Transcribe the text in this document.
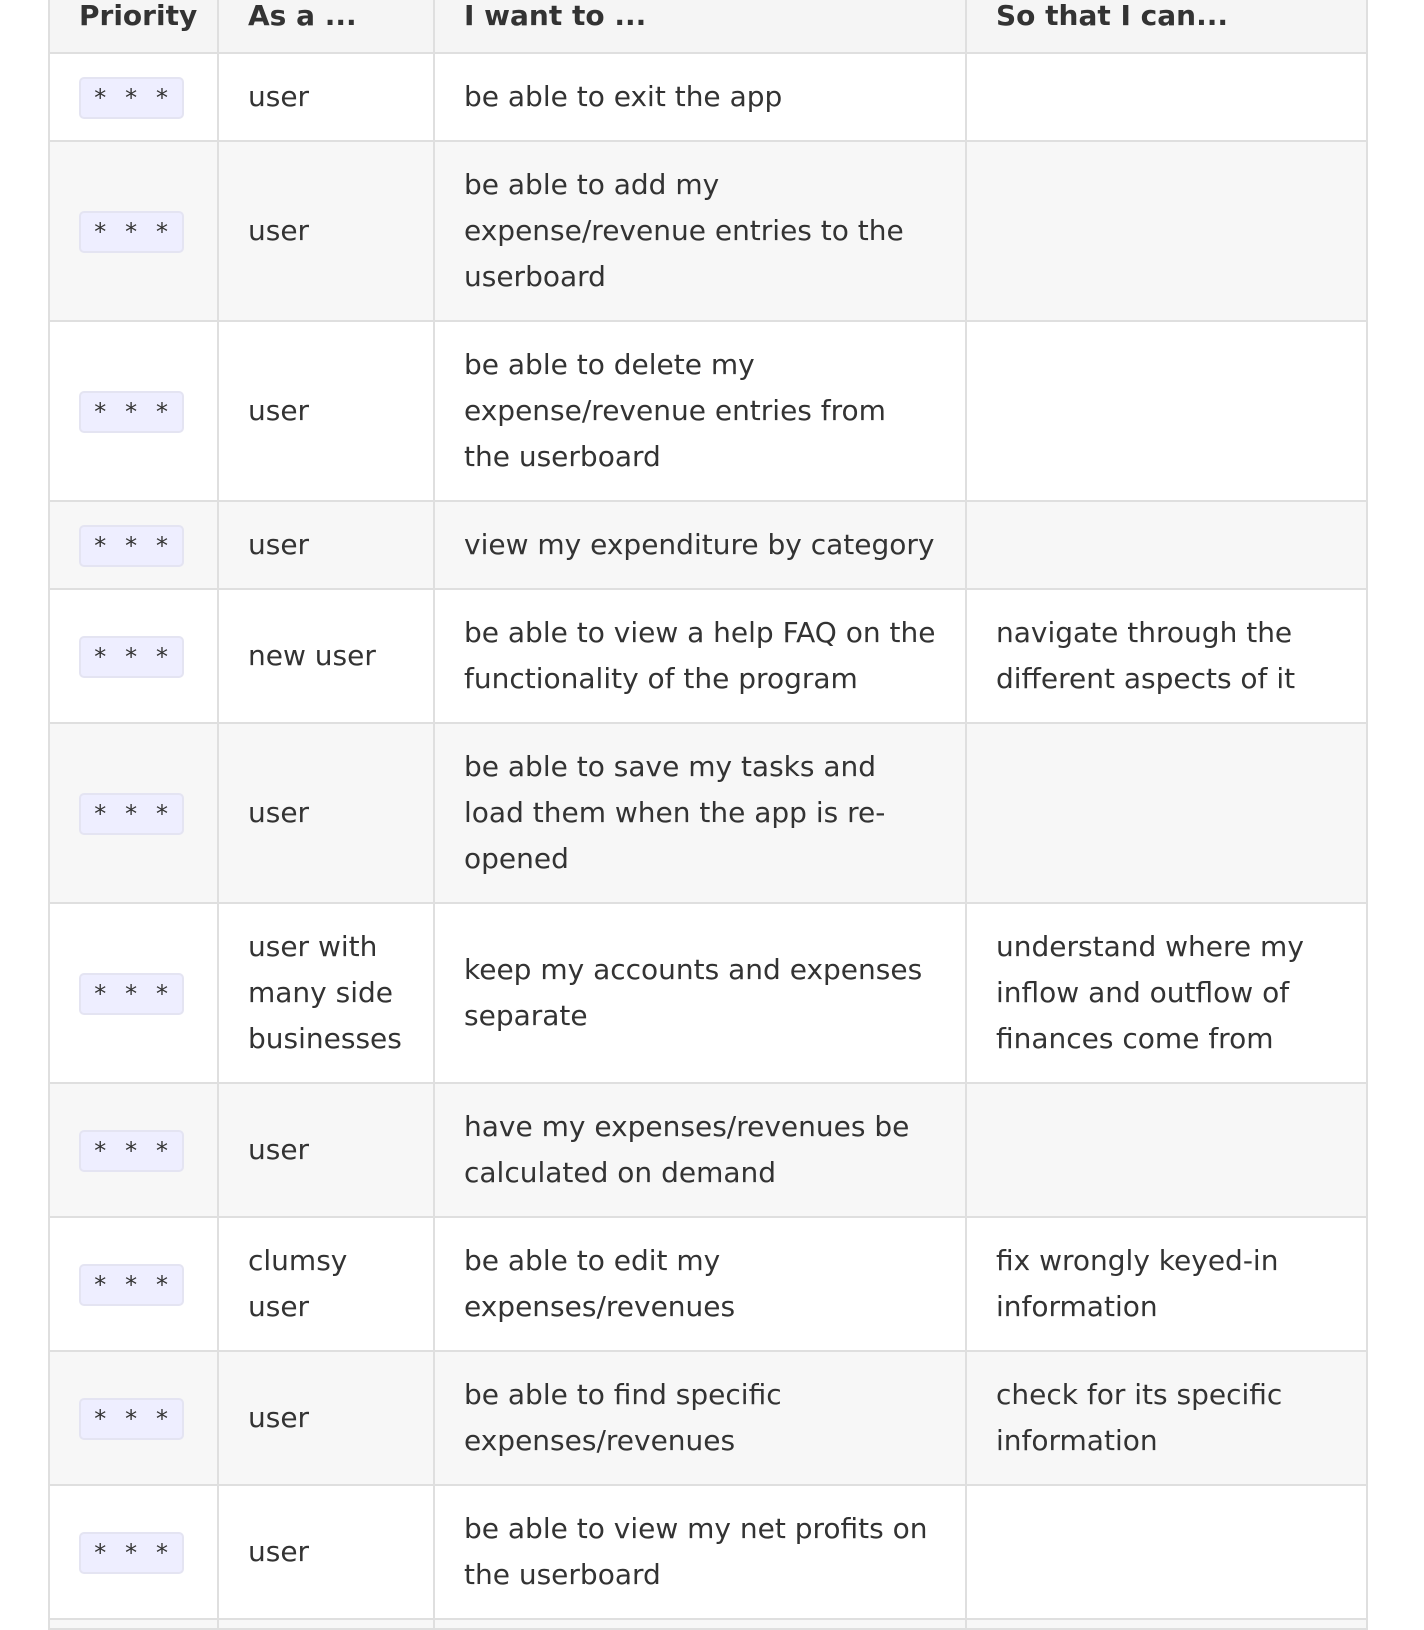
Priority	As a ...	I want to ...	So that I can...
* * *	user	be able to exit the app	
* * *	user	be able to add my expense/revenue entries to the userboard	
* * *	user	be able to delete my expense/revenue entries from the userboard	
* * *	user	view my expenditure by category	
* * *	new user	be able to view a help FAQ on the functionality of the program	navigate through the different aspects of it
* * *	user	be able to save my tasks and load them when the app is re-opened	
* * *	user with many side businesses	keep my accounts and expenses separate	understand where my inflow and outflow of finances come from
* * *	user	have my expenses/revenues be calculated on demand	
* * *	clumsy user	be able to edit my expenses/revenues	fix wrongly keyed-in information
* * *	user	be able to find specific expenses/revenues	check for its specific information
* * *	user	be able to view my net profits on the userboard	
